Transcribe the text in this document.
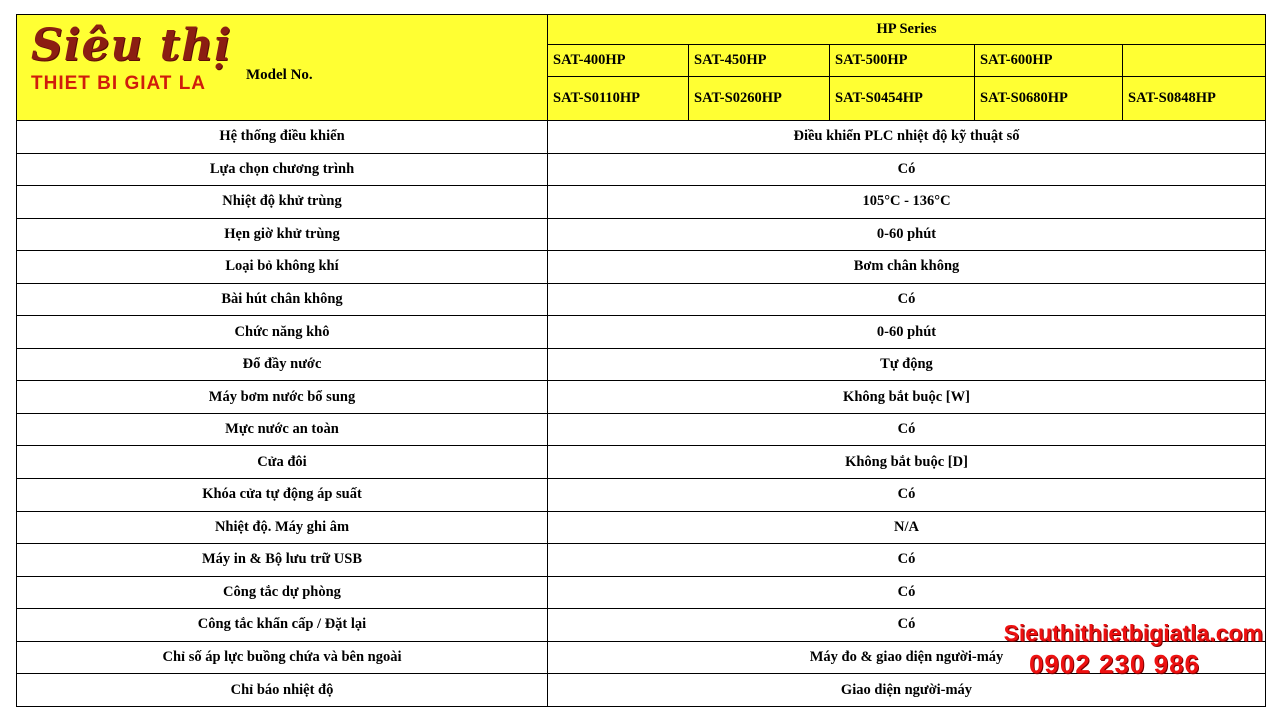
Siêu thị
THIET BI GIAT LA Model No.	HP Series				
	SAT-400HP	SAT-450HP	SAT-500HP	SAT-600HP	
	SAT-S0110HP	SAT-S0260HP	SAT-S0454HP	SAT-S0680HP	SAT-S0848HP
Hệ thống điều khiển	Điều khiển PLC nhiệt độ kỹ thuật số				
Lựa chọn chương trình	Có				
Nhiệt độ khử trùng	105°C - 136°C				
Hẹn giờ khử trùng	0-60 phút				
Loại bỏ không khí	Bơm chân không				
Bài hút chân không	Có				
Chức năng khô	0-60 phút				
Đổ đầy nước	Tự động				
Máy bơm nước bổ sung	Không bắt buộc [W]				
Mực nước an toàn	Có				
Cửa đôi	Không bắt buộc [D]				
Khóa cửa tự động áp suất	Có				
Nhiệt độ. Máy ghi âm	N/A				
Máy in & Bộ lưu trữ USB	Có				
Công tắc dự phòng	Có				
Công tắc khẩn cấp / Đặt lại	Có				
Chỉ số áp lực buồng chứa và bên ngoài	Máy đo & giao diện người-máy				
Chỉ báo nhiệt độ	Giao diện người-máy				
Sieuthithietbigiatla.com
0902 230 986
